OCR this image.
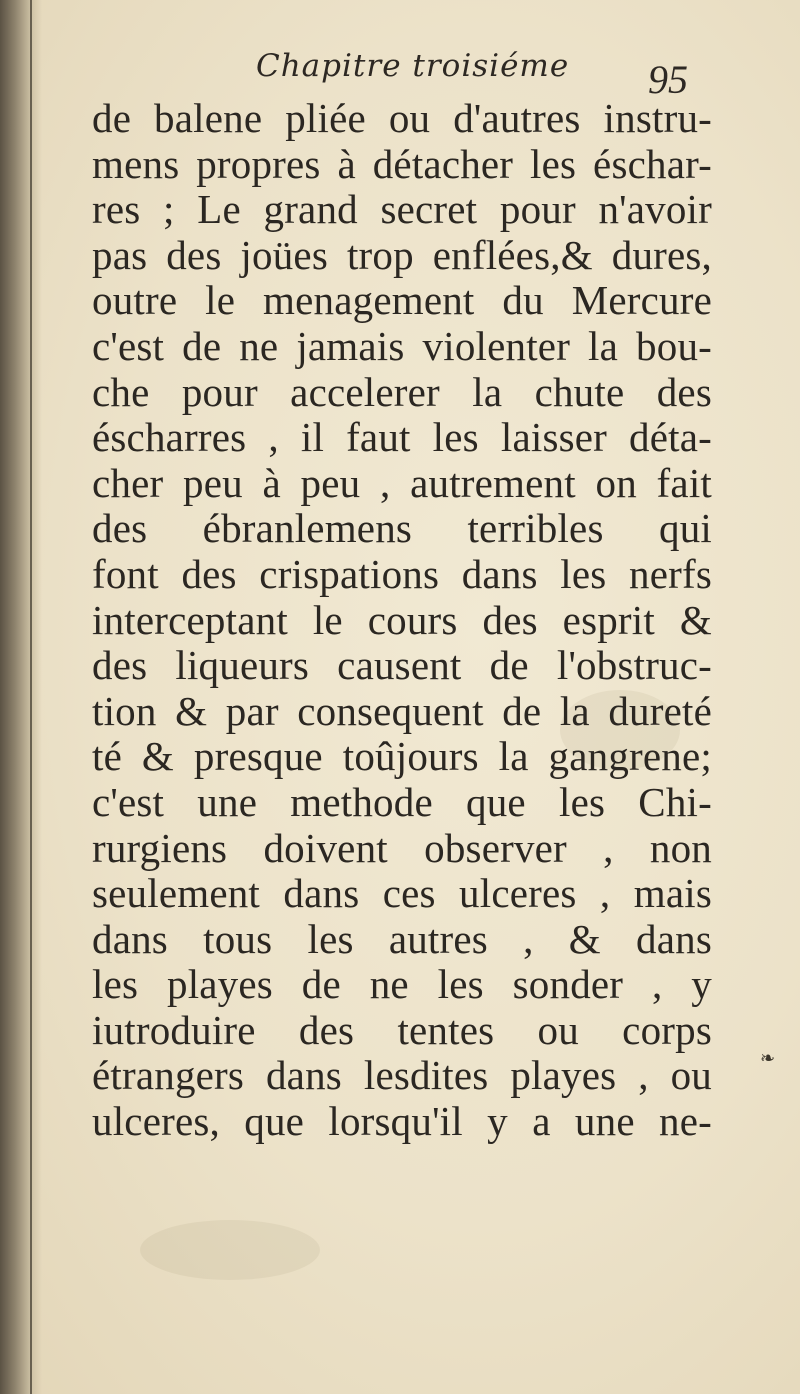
Chapitre troisiéme 95
de balene pliée ou d'autres instru-
mens propres à détacher les éschar-
res ; Le grand secret pour n'avoir
pas des joües trop enflées,& dures,
outre le menagement du Mercure
c'est de ne jamais violenter la bou-
che pour accelerer la chute des
éscharres , il faut les laisser déta-
cher peu à peu , autrement on fait
des ébranlemens terribles qui
font des crispations dans les nerfs
interceptant le cours des esprit &
des liqueurs causent de l'obstruc-
tion & par consequent de la dureté
té & presque toûjours la gangrene;
c'est une methode que les Chi-
rurgiens doivent observer , non
seulement dans ces ulceres , mais
dans tous les autres , & dans
les playes de ne les sonder , y
iutroduire des tentes ou corps
étrangers dans lesdites playes , ou
ulceres, que lorsqu'il y a une ne-
❧
